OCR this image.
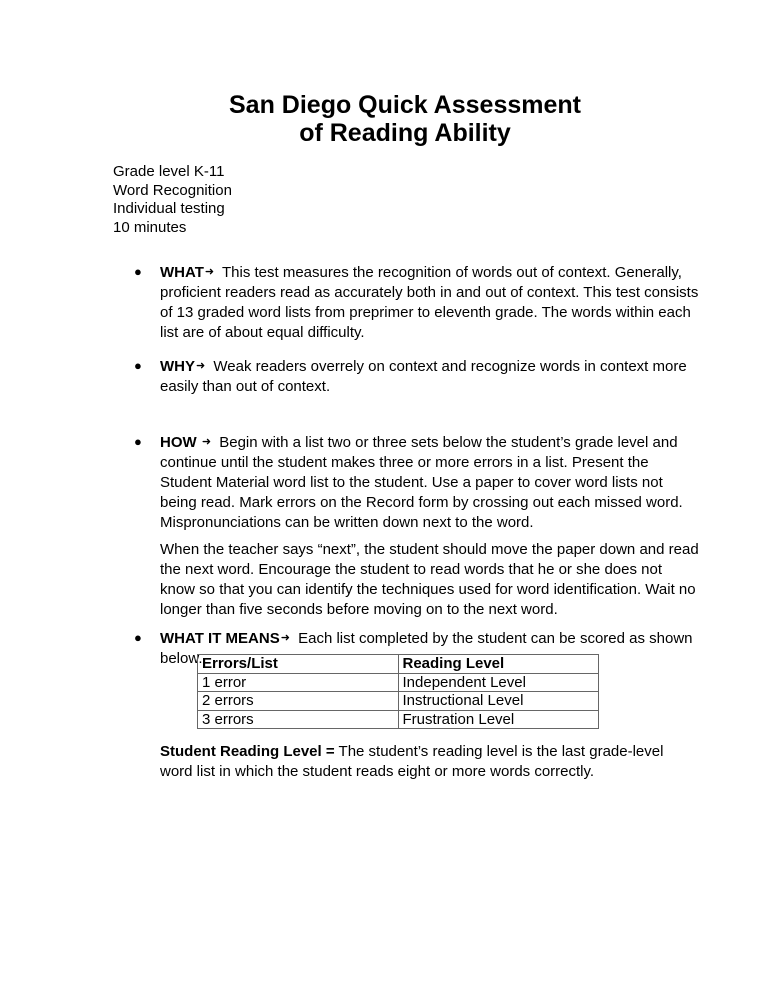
San Diego Quick Assessment
of Reading Ability
Grade level K-11
Word Recognition
Individual testing
10 minutes
● WHAT➜ This test measures the recognition of words out of context. Generally, proficient readers read as accurately both in and out of context. This test consists of 13 graded word lists from preprimer to eleventh grade. The words within each list are of about equal difficulty.
● WHY➜ Weak readers overrely on context and recognize words in context more easily than out of context.
● HOW ➜ Begin with a list two or three sets below the student’s grade level and continue until the student makes three or more errors in a list. Present the Student Material word list to the student. Use a paper to cover word lists not being read. Mark errors on the Record form by crossing out each missed word. Mispronunciations can be written down next to the word.
When the teacher says “next”, the student should move the paper down and read the next word. Encourage the student to read words that he or she does not know so that you can identify the techniques used for word identification. Wait no longer than five seconds before moving on to the next word.
● WHAT IT MEANS➜ Each list completed by the student can be scored as shown below. Errors/List	Reading Level
1 error	Independent Level
2 errors	Instructional Level
3 errors	Frustration Level
Student Reading Level = The student’s reading level is the last grade-level word list in which the student reads eight or more words correctly.
